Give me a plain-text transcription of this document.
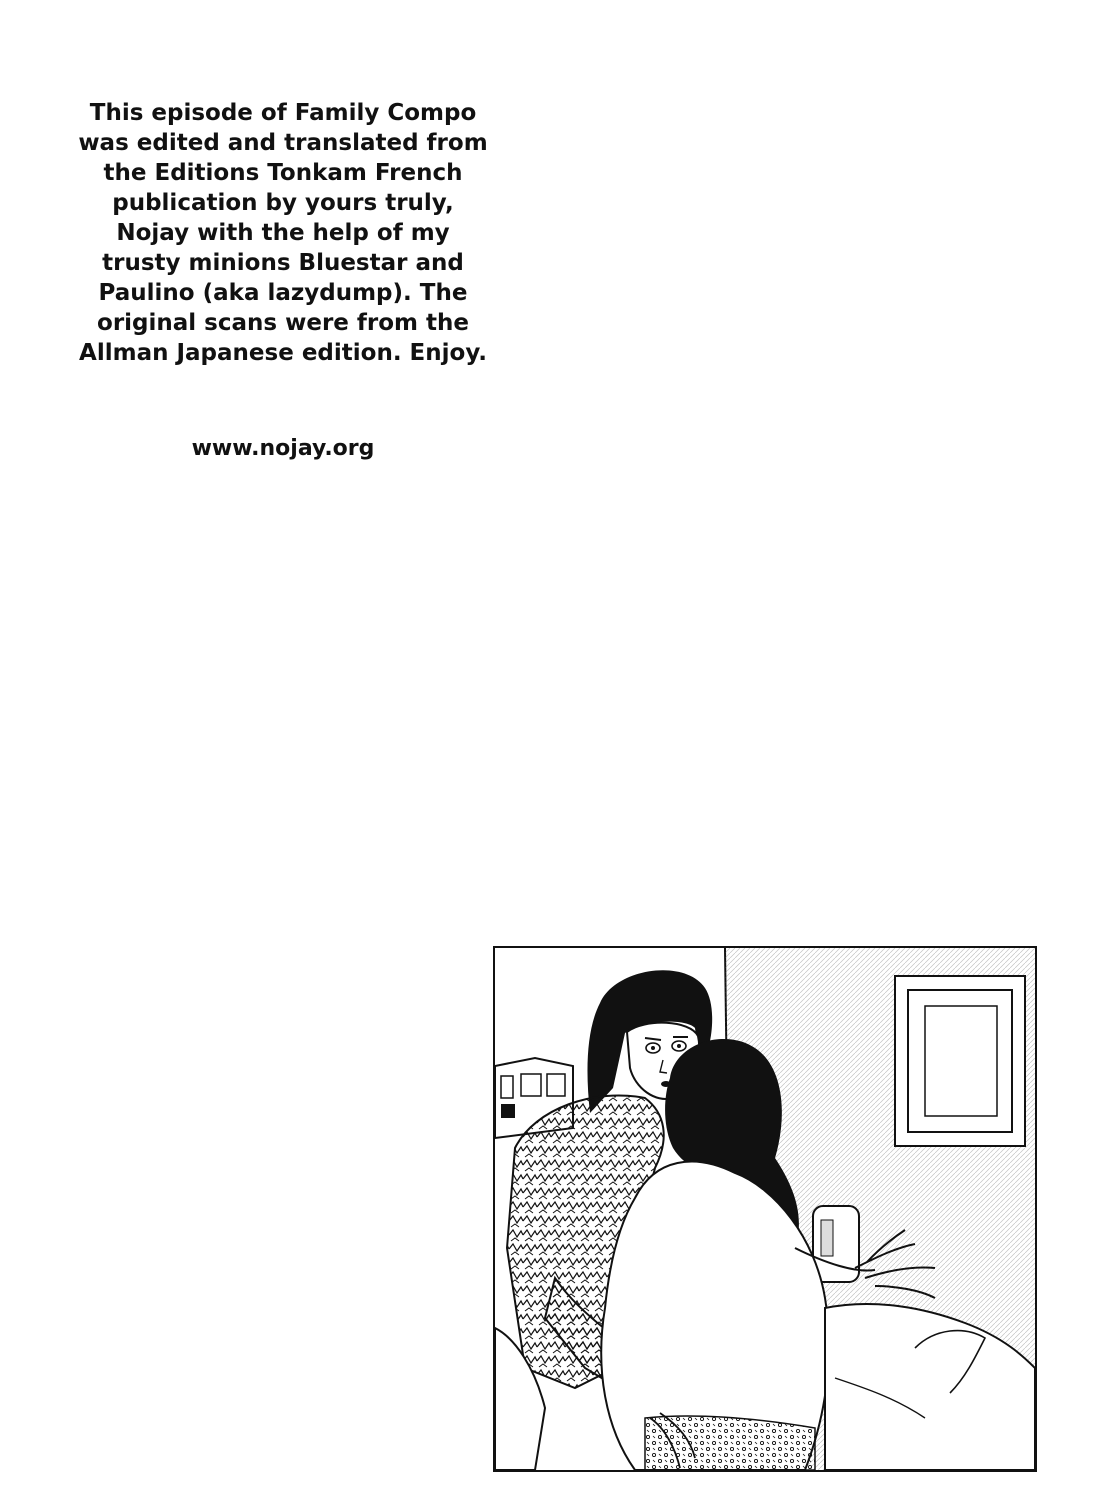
This episode of Family Compo
was edited and translated from
the Editions Tonkam French
publication by yours truly,
Nojay with the help of my
trusty minions Bluestar and
Paulino (aka lazydump). The
original scans were from the
Allman Japanese edition. Enjoy.
www.nojay.org
